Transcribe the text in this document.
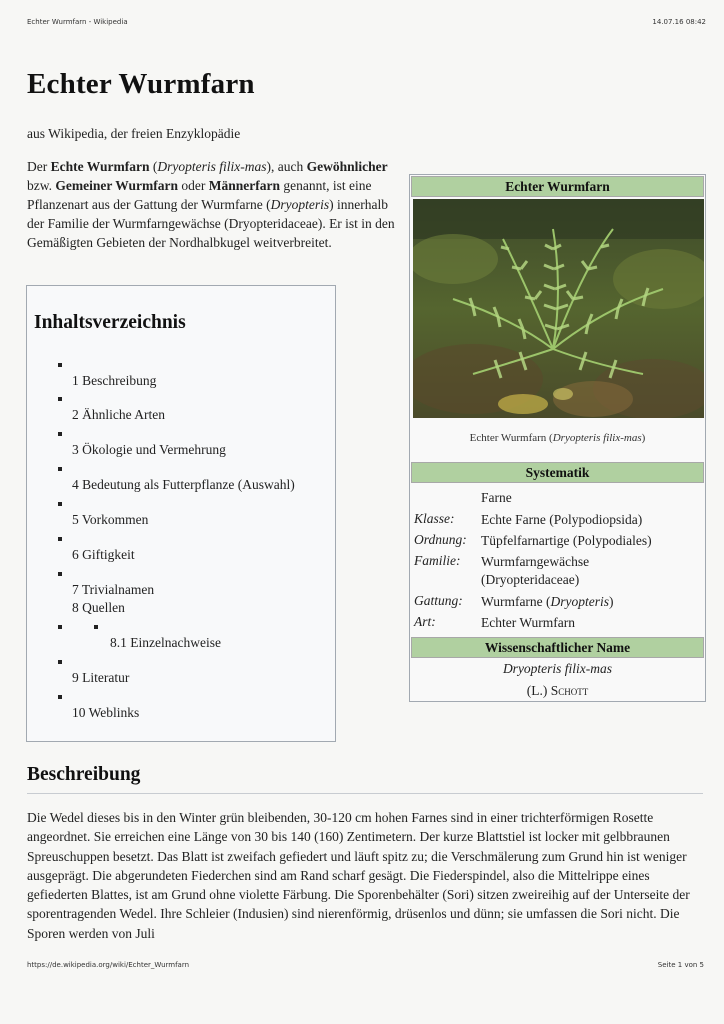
Echter Wurmfarn - Wikipedia	14.07.16 08:42
Echter Wurmfarn
aus Wikipedia, der freien Enzyklopädie
Der Echte Wurmfarn (Dryopteris filix-mas), auch Gewöhnlicher bzw. Gemeiner Wurmfarn oder Männerfarn genannt, ist eine Pflanzenart aus der Gattung der Wurmfarne (Dryopteris) innerhalb der Familie der Wurmfarngewächse (Dryopteridaceae). Er ist in den Gemäßigten Gebieten der Nordhalbkugel weitverbreitet.
Inhaltsverzeichnis
1 Beschreibung
2 Ähnliche Arten
3 Ökologie und Vermehrung
4 Bedeutung als Futterpflanze (Auswahl)
5 Vorkommen
6 Giftigkeit
7 Trivialnamen
8 Quellen
8.1 Einzelnachweise
9 Literatur
10 Weblinks
Echter Wurmfarn
Echter Wurmfarn (Dryopteris filix-mas)
Systematik
Farne
Klasse: Echte Farne (Polypodiopsida)
Ordnung: Tüpfelfarnartige (Polypodiales)
Familie: Wurmfarngewächse
(Dryopteridaceae)
Gattung: Wurmfarne (Dryopteris)
Art:	Echter Wurmfarn
Wissenschaftlicher Name
Dryopteris filix-mas
(L.) Schott
Beschreibung
Die Wedel dieses bis in den Winter grün bleibenden, 30-120 cm hohen Farnes sind in einer trichterförmigen Rosette angeordnet. Sie erreichen eine Länge von 30 bis 140 (160) Zentimetern. Der kurze Blattstiel ist locker mit gelbbraunen Spreuschuppen besetzt. Das Blatt ist zweifach gefiedert und läuft spitz zu; die Verschmälerung zum Grund hin ist weniger ausgeprägt. Die abgerundeten Fiederchen sind am Rand scharf gesägt. Die Fiederspindel, also die Mittelrippe eines gefiederten Blattes, ist am Grund ohne violette Färbung. Die Sporenbehälter (Sori) sitzen zweireihig auf der Unterseite der sporentragenden Wedel. Ihre Schleier (Indusien) sind nierenförmig, drüsenlos und dünn; sie umfassen die Sori nicht. Die Sporen werden von Juli
https://de.wikipedia.org/wiki/Echter_Wurmfarn	Seite 1 von 5
